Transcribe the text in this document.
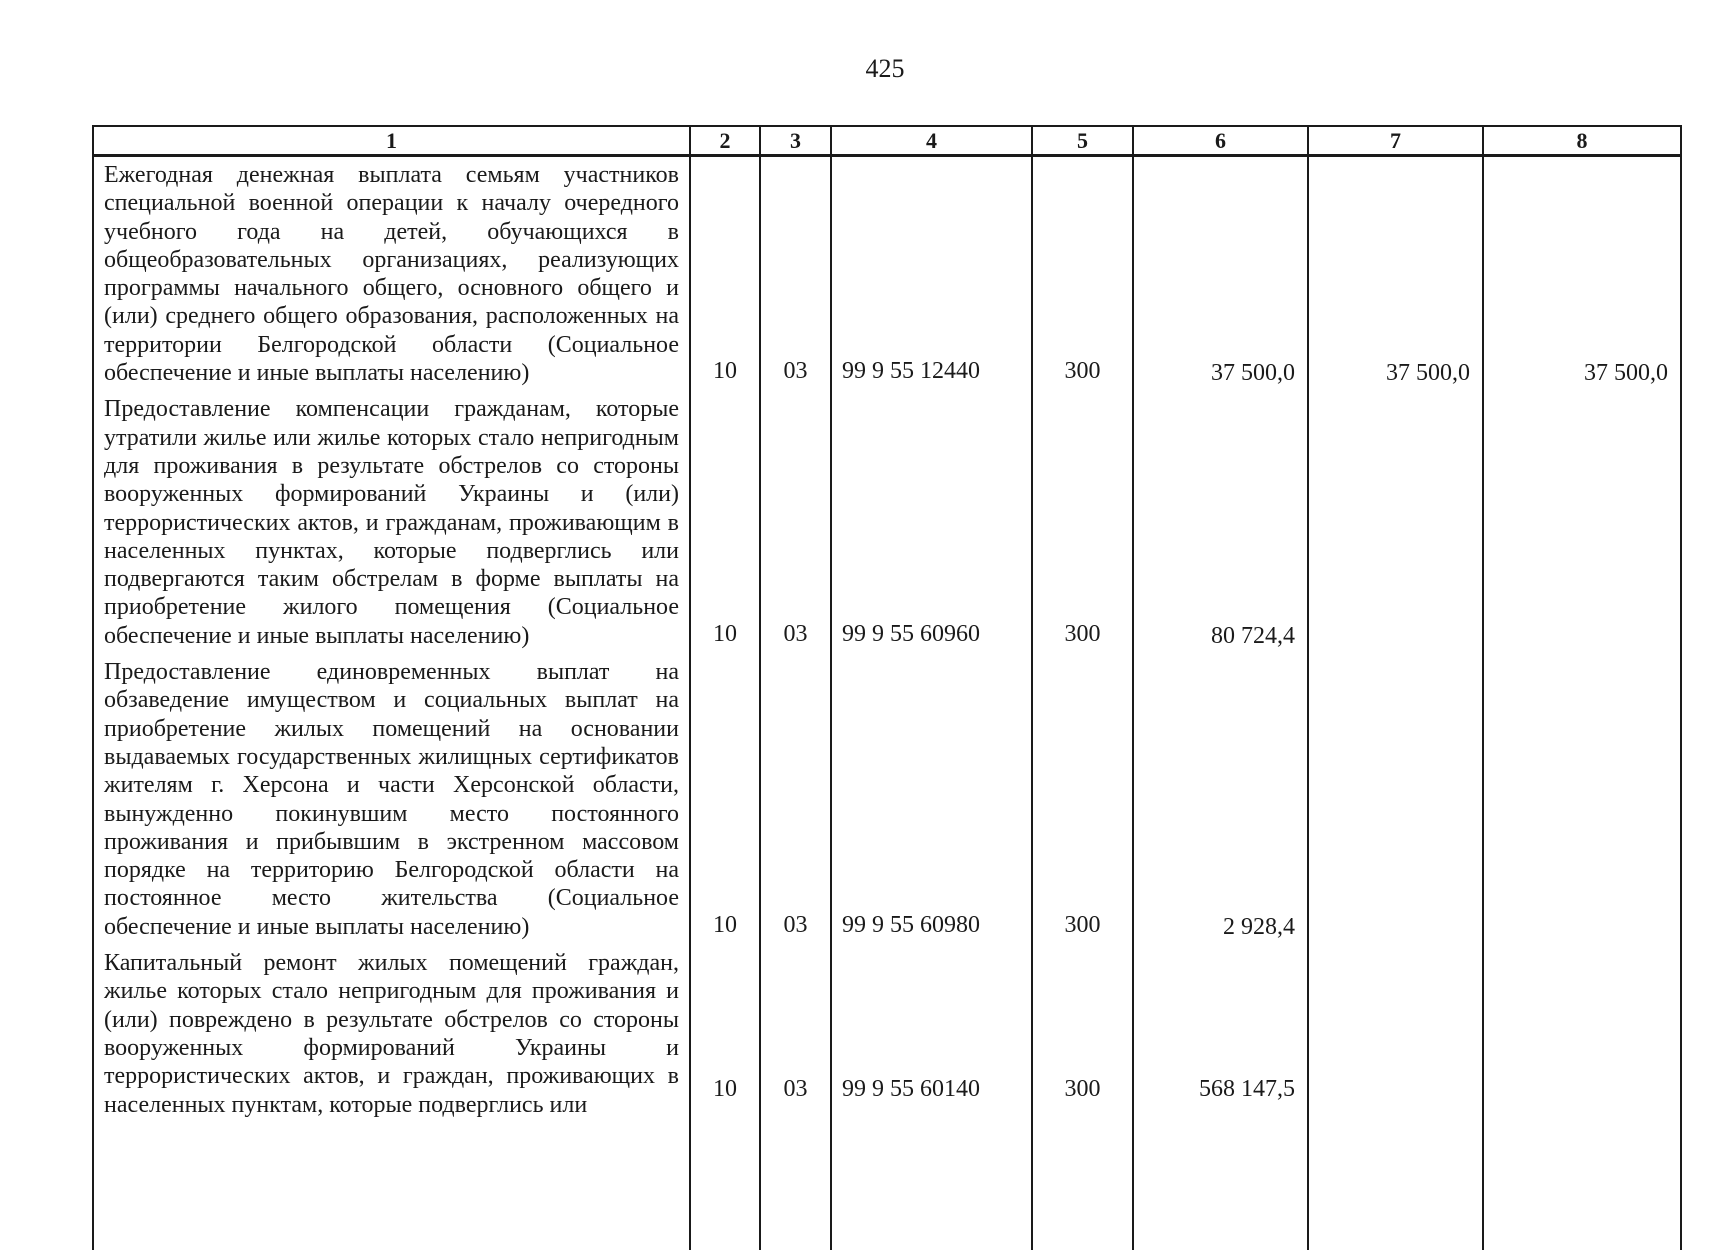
425
1	2	3	4	5	6	7	8
Ежегодная денежная выплата семьям участников специальной военной операции к началу очередного учебного года на детей, обучающихся в общеобразовательных организациях, реализующих программы начального общего, основного общего и (или) среднего общего образования, расположенных на территории Белгородской области (Социальное обеспечение и иные выплаты населению)	10	03	99 9 55 12440	300	37 500,0	37 500,0	37 500,0
Предоставление компенсации гражданам, которые утратили жилье или жилье которых стало непригодным для проживания в результате обстрелов со стороны вооруженных формирований Украины и (или) террористических актов, и гражданам, проживающим в населенных пунктах, которые подверглись или подвергаются таким обстрелам в форме выплаты на приобретение жилого помещения (Социальное обеспечение и иные выплаты населению)	10	03	99 9 55 60960	300	80 724,4		
Предоставление единовременных выплат на обзаведение имуществом и социальных выплат на приобретение жилых помещений на основании выдаваемых государственных жилищных сертификатов жителям г. Херсона и части Херсонской области, вынужденно покинувшим место постоянного проживания и прибывшим в экстренном массовом порядке на территорию Белгородской области на постоянное место жительства (Социальное обеспечение и иные выплаты населению)	10	03	99 9 55 60980	300	2 928,4		
Капитальный ремонт жилых помещений граждан, жилье которых стало непригодным для проживания и (или) повреждено в результате обстрелов со стороны вооруженных формирований Украины и террористических актов, и граждан, проживающих в населенных пунктам, которые подверглись или	10	03	99 9 55 60140	300	568 147,5		
